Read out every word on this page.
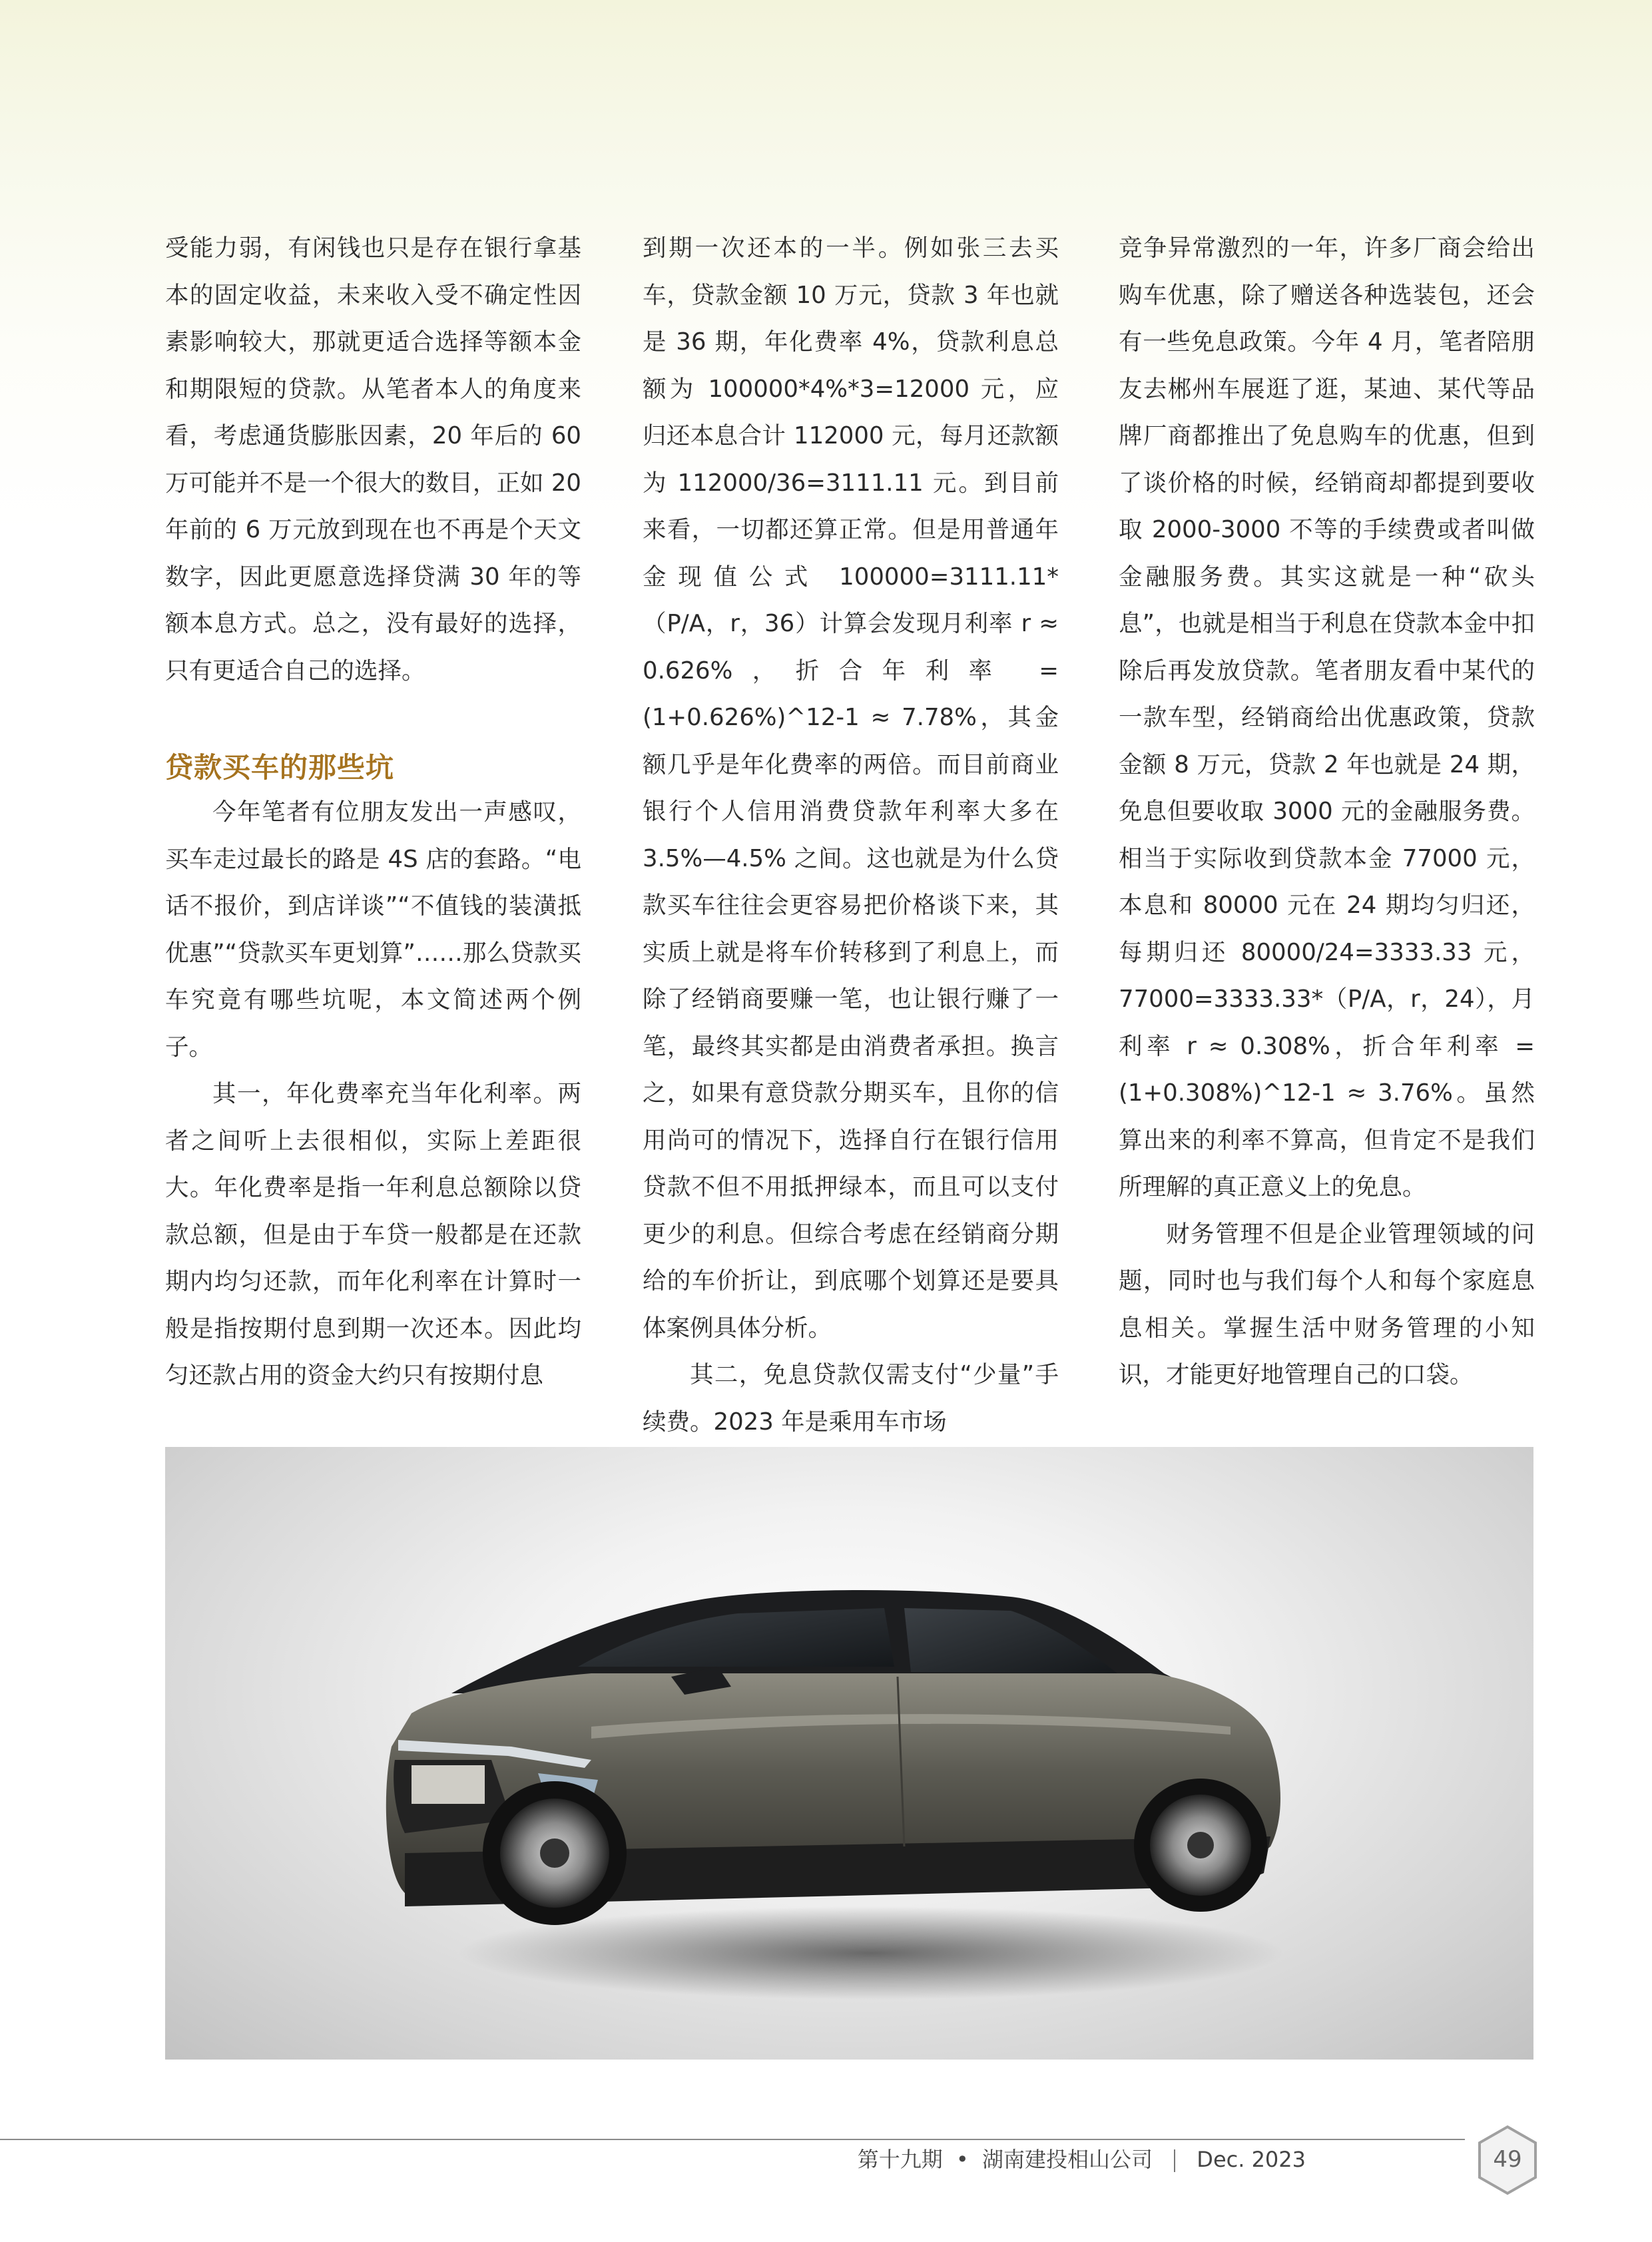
受能力弱，有闲钱也只是存在银行拿基本的固定收益，未来收入受不确定性因素影响较大，那就更适合选择等额本金和期限短的贷款。从笔者本人的角度来看，考虑通货膨胀因素，20 年后的 60 万可能并不是一个很大的数目，正如 20 年前的 6 万元放到现在也不再是个天文数字，因此更愿意选择贷满 30 年的等额本息方式。总之，没有最好的选择，只有更适合自己的选择。

贷款买车的那些坑

今年笔者有位朋友发出一声感叹，买车走过最长的路是 4S 店的套路。“电话不报价，到店详谈”“不值钱的装潢抵优惠”“贷款买车更划算”……那么贷款买车究竟有哪些坑呢，本文简述两个例子。

其一，年化费率充当年化利率。两者之间听上去很相似，实际上差距很大。年化费率是指一年利息总额除以贷款总额，但是由于车贷一般都是在还款期内均匀还款，而年化利率在计算时一般是指按期付息到期一次还本。因此均匀还款占用的资金大约只有按期付息

到期一次还本的一半。例如张三去买车，贷款金额 10 万元，贷款 3 年也就是 36 期，年化费率 4%，贷款利息总额为 100000*4%*3=12000 元，应归还本息合计 112000 元，每月还款额为 112000/36=3111.11 元。到目前来看，一切都还算正常。但是用普通年金现值公式 100000=3111.11*（P/A，r，36）计算会发现月利率 r ≈ 0.626%，折合年利率 =(1+0.626%)^12-1 ≈ 7.78%，其金额几乎是年化费率的两倍。而目前商业银行个人信用消费贷款年利率大多在 3.5%—4.5% 之间。这也就是为什么贷款买车往往会更容易把价格谈下来，其实质上就是将车价转移到了利息上，而除了经销商要赚一笔，也让银行赚了一笔，最终其实都是由消费者承担。换言之，如果有意贷款分期买车，且你的信用尚可的情况下，选择自行在银行信用贷款不但不用抵押绿本，而且可以支付更少的利息。但综合考虑在经销商分期给的车价折让，到底哪个划算还是要具体案例具体分析。

其二，免息贷款仅需支付“少量”手续费。2023 年是乘用车市场

竞争异常激烈的一年，许多厂商会给出购车优惠，除了赠送各种选装包，还会有一些免息政策。今年 4 月，笔者陪朋友去郴州车展逛了逛，某迪、某代等品牌厂商都推出了免息购车的优惠，但到了谈价格的时候，经销商却都提到要收取 2000-3000 不等的手续费或者叫做金融服务费。其实这就是一种“砍头息”，也就是相当于利息在贷款本金中扣除后再发放贷款。笔者朋友看中某代的一款车型，经销商给出优惠政策，贷款金额 8 万元，贷款 2 年也就是 24 期，免息但要收取 3000 元的金融服务费。相当于实际收到贷款本金 77000 元，本息和 80000 元在 24 期均匀归还，每期归还 80000/24=3333.33 元，77000=3333.33*（P/A，r，24），月利率 r ≈ 0.308%，折合年利率 =(1+0.308%)^12-1 ≈ 3.76%。虽然算出来的利率不算高，但肯定不是我们所理解的真正意义上的免息。

财务管理不但是企业管理领域的问题，同时也与我们每个人和每个家庭息息相关。掌握生活中财务管理的小知识，才能更好地管理自己的口袋。

第十九期 • 湖南建投相山公司 Dec. 2023	49
